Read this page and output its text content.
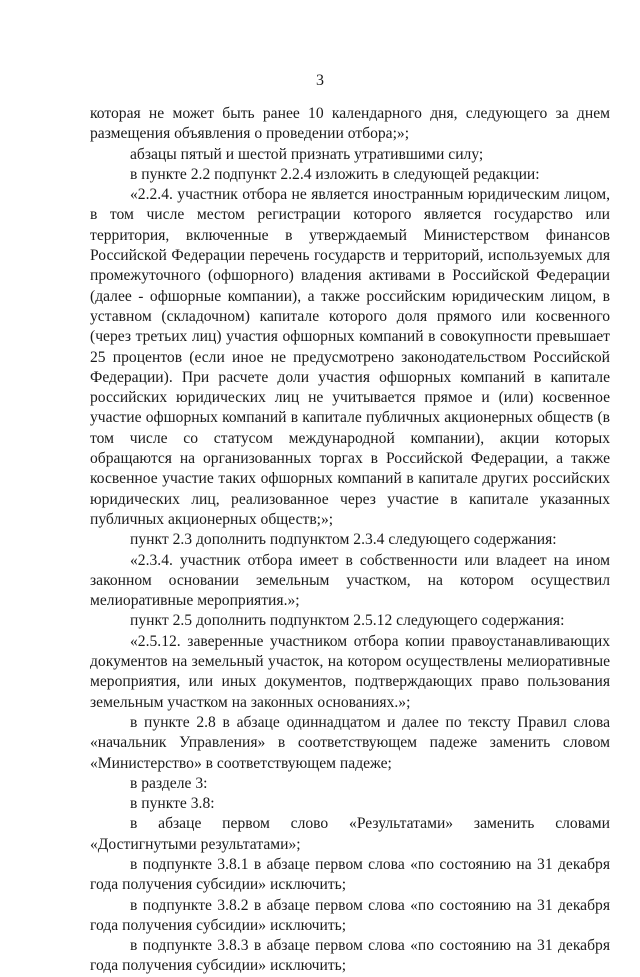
3

которая не может быть ранее 10 календарного дня, следующего за днем размещения объявления о проведении отбора;»;

абзацы пятый и шестой признать утратившими силу;

в пункте 2.2 подпункт 2.2.4 изложить в следующей редакции:

«2.2.4. участник отбора не является иностранным юридическим лицом, в том числе местом регистрации которого является государство или территория, включенные в утверждаемый Министерством финансов Российской Федерации перечень государств и территорий, используемых для промежуточного (офшорного) владения активами в Российской Федерации (далее - офшорные компании), а также российским юридическим лицом, в уставном (складочном) капитале которого доля прямого или косвенного (через третьих лиц) участия офшорных компаний в совокупности превышает 25 процентов (если иное не предусмотрено законодательством Российской Федерации). При расчете доли участия офшорных компаний в капитале российских юридических лиц не учитывается прямое и (или) косвенное участие офшорных компаний в капитале публичных акционерных обществ (в том числе со статусом международной компании), акции которых обращаются на организованных торгах в Российской Федерации, а также косвенное участие таких офшорных компаний в капитале других российских юридических лиц, реализованное через участие в капитале указанных публичных акционерных обществ;»;

пункт 2.3 дополнить подпунктом 2.3.4 следующего содержания:

«2.3.4. участник отбора имеет в собственности или владеет на ином законном основании земельным участком, на котором осуществил мелиоративные мероприятия.»;

пункт 2.5 дополнить подпунктом 2.5.12 следующего содержания:

«2.5.12. заверенные участником отбора копии правоустанавливающих документов на земельный участок, на котором осуществлены мелиоративные мероприятия, или иных документов, подтверждающих право пользования земельным участком на законных основаниях.»;

в пункте 2.8 в абзаце одиннадцатом и далее по тексту Правил слова «начальник Управления» в соответствующем падеже заменить словом «Министерство» в соответствующем падеже;

в разделе 3:

в пункте 3.8:

в абзаце первом слово «Результатами» заменить словами «Достигнутыми результатами»;

в подпункте 3.8.1 в абзаце первом слова «по состоянию на 31 декабря года получения субсидии» исключить;

в подпункте 3.8.2 в абзаце первом слова «по состоянию на 31 декабря года получения субсидии» исключить;

в подпункте 3.8.3 в абзаце первом слова «по состоянию на 31 декабря года получения субсидии» исключить;
